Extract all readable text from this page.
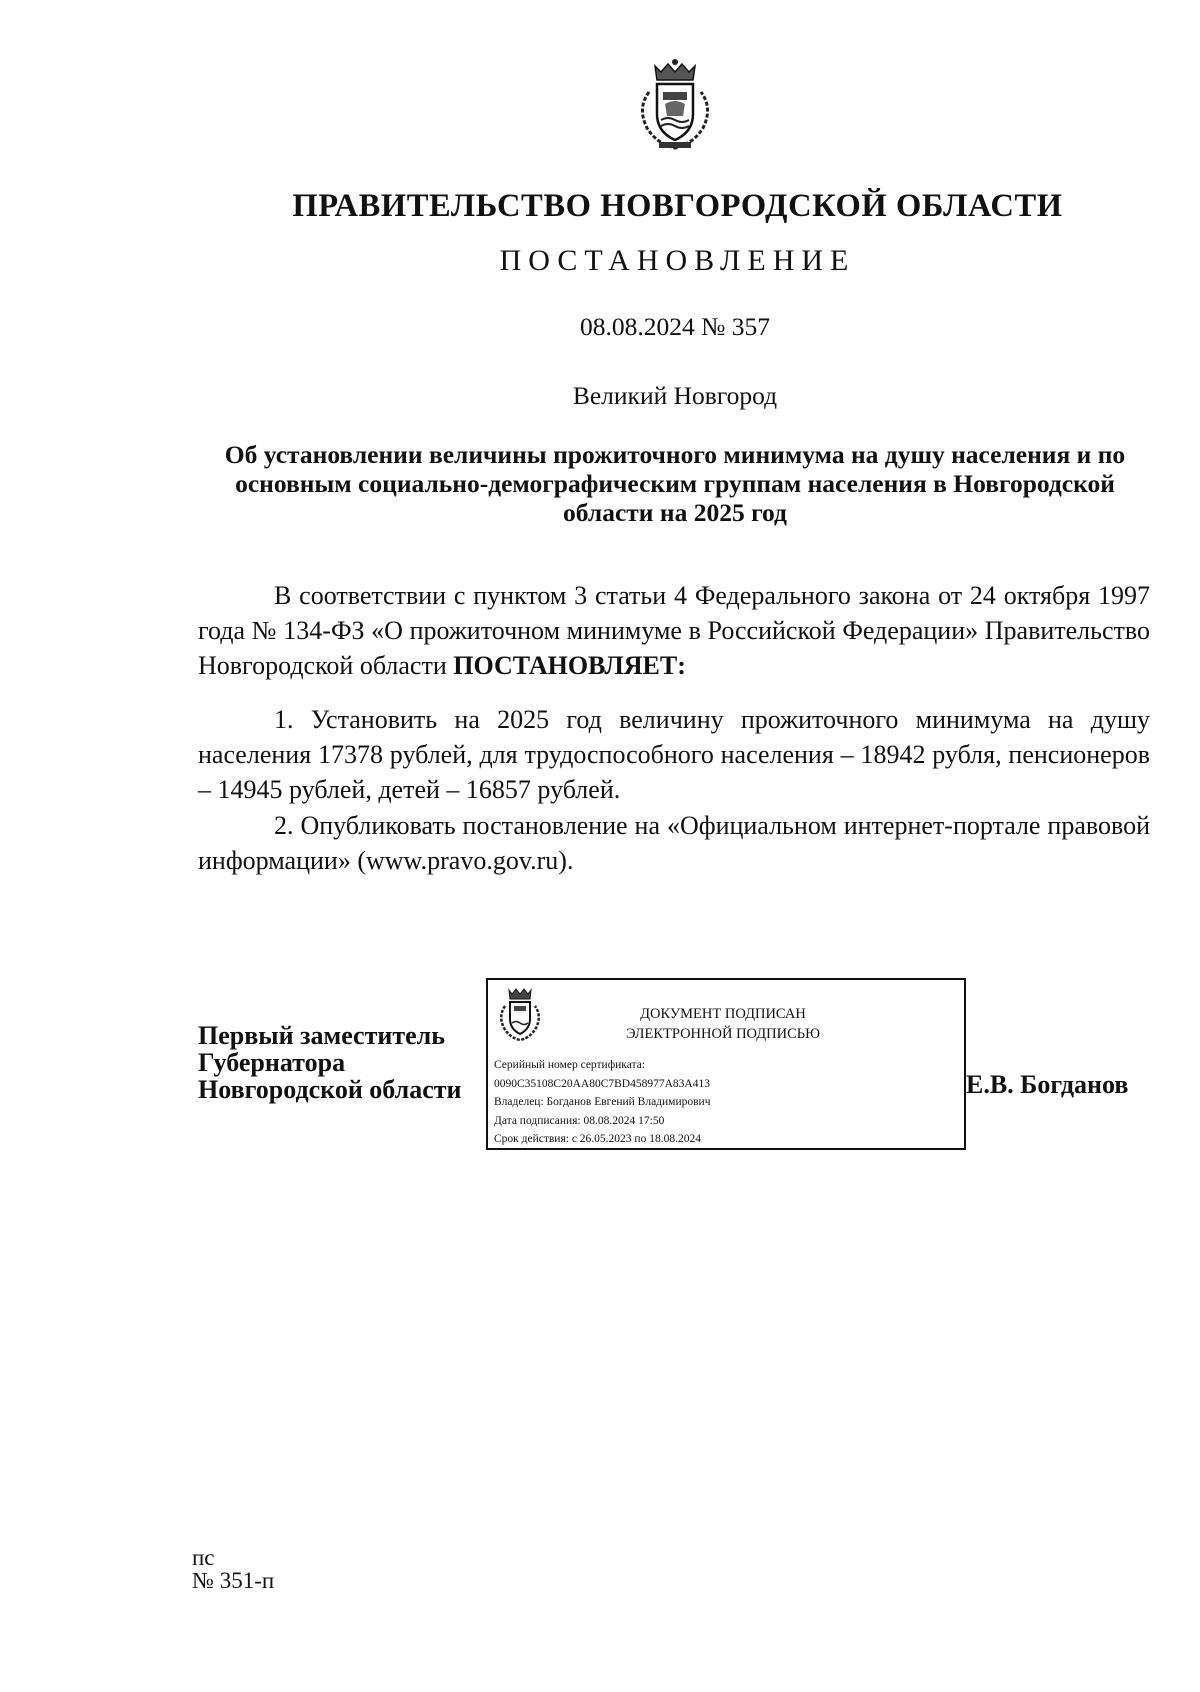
ПРАВИТЕЛЬСТВО НОВГОРОДСКОЙ ОБЛАСТИ
ПОСТАНОВЛЕНИЕ
08.08.2024 № 357
Великий Новгород
Об установлении величины прожиточного минимума на душу населения и по основным социально-демографическим группам населения в Новгородской области на 2025 год

В соответствии с пунктом 3 статьи 4 Федерального закона от 24 октября 1997 года № 134-ФЗ «О прожиточном минимуме в Российской Федерации» Правительство Новгородской области ПОСТАНОВЛЯЕТ:

1. Установить на 2025 год величину прожиточного минимума на душу населения 17378 рублей, для трудоспособного населения – 18942 рубля, пенсионеров – 14945 рублей, детей – 16857 рублей.

2. Опубликовать постановление на «Официальном интернет-портале правовой информации» (www.pravo.gov.ru).

Первый заместитель
Губернатора
Новгородской области
ДОКУМЕНТ ПОДПИСАН
ЭЛЕКТРОННОЙ ПОДПИСЬЮ
Серийный номер сертификата:
0090C35108C20AA80C7BD458977A83A413
Владелец: Богданов Евгений Владимирович
Дата подписания: 08.08.2024 17:50
Срок действия: с 26.05.2023 по 18.08.2024
Е.В. Богданов
пс
№ 351-п
